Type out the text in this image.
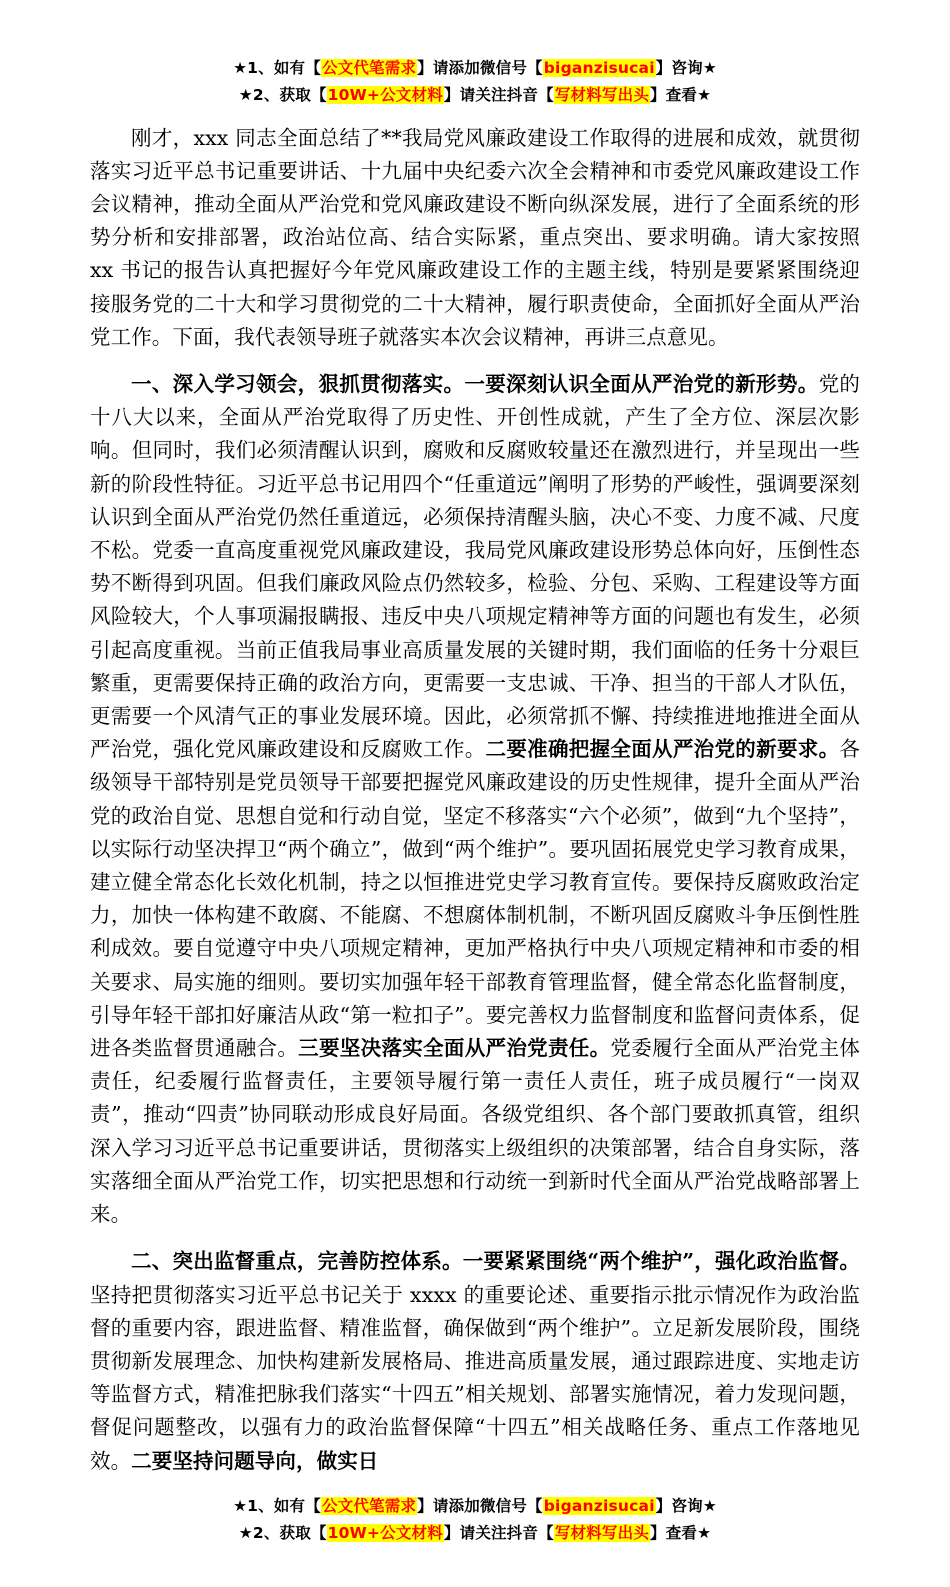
★1、如有【公文代笔需求】请添加微信号【biganzisucai】咨询★
★2、获取【10W+公文材料】请关注抖音【写材料写出头】查看★

刚才，xxx 同志全面总结了**我局党风廉政建设工作取得的进展和成效，就贯彻落实习近平总书记重要讲话、十九届中央纪委六次全会精神和市委党风廉政建设工作会议精神，推动全面从严治党和党风廉政建设不断向纵深发展，进行了全面系统的形势分析和安排部署，政治站位高、结合实际紧，重点突出、要求明确。请大家按照 xx 书记的报告认真把握好今年党风廉政建设工作的主题主线，特别是要紧紧围绕迎接服务党的二十大和学习贯彻党的二十大精神，履行职责使命，全面抓好全面从严治党工作。下面，我代表领导班子就落实本次会议精神，再讲三点意见。

一、深入学习领会，狠抓贯彻落实。一要深刻认识全面从严治党的新形势。党的十八大以来，全面从严治党取得了历史性、开创性成就，产生了全方位、深层次影响。但同时，我们必须清醒认识到，腐败和反腐败较量还在激烈进行，并呈现出一些新的阶段性特征。习近平总书记用四个“任重道远”阐明了形势的严峻性，强调要深刻认识到全面从严治党仍然任重道远，必须保持清醒头脑，决心不变、力度不减、尺度不松。党委一直高度重视党风廉政建设，我局党风廉政建设形势总体向好，压倒性态势不断得到巩固。但我们廉政风险点仍然较多，检验、分包、采购、工程建设等方面风险较大，个人事项漏报瞒报、违反中央八项规定精神等方面的问题也有发生，必须引起高度重视。当前正值我局事业高质量发展的关键时期，我们面临的任务十分艰巨繁重，更需要保持正确的政治方向，更需要一支忠诚、干净、担当的干部人才队伍，更需要一个风清气正的事业发展环境。因此，必须常抓不懈、持续推进地推进全面从严治党，强化党风廉政建设和反腐败工作。二要准确把握全面从严治党的新要求。各级领导干部特别是党员领导干部要把握党风廉政建设的历史性规律，提升全面从严治党的政治自觉、思想自觉和行动自觉，坚定不移落实“六个必须”，做到“九个坚持”，以实际行动坚决捍卫“两个确立”，做到“两个维护”。要巩固拓展党史学习教育成果，建立健全常态化长效化机制，持之以恒推进党史学习教育宣传。要保持反腐败政治定力，加快一体构建不敢腐、不能腐、不想腐体制机制，不断巩固反腐败斗争压倒性胜利成效。要自觉遵守中央八项规定精神，更加严格执行中央八项规定精神和市委的相关要求、局实施的细则。要切实加强年轻干部教育管理监督，健全常态化监督制度，引导年轻干部扣好廉洁从政“第一粒扣子”。要完善权力监督制度和监督问责体系，促进各类监督贯通融合。三要坚决落实全面从严治党责任。党委履行全面从严治党主体责任，纪委履行监督责任，主要领导履行第一责任人责任，班子成员履行“一岗双责”，推动“四责”协同联动形成良好局面。各级党组织、各个部门要敢抓真管，组织深入学习习近平总书记重要讲话，贯彻落实上级组织的决策部署，结合自身实际，落实落细全面从严治党工作，切实把思想和行动统一到新时代全面从严治党战略部署上来。

二、突出监督重点，完善防控体系。一要紧紧围绕“两个维护”，强化政治监督。坚持把贯彻落实习近平总书记关于 xxxx 的重要论述、重要指示批示情况作为政治监督的重要内容，跟进监督、精准监督，确保做到“两个维护”。立足新发展阶段，围绕贯彻新发展理念、加快构建新发展格局、推进高质量发展，通过跟踪进度、实地走访等监督方式，精准把脉我们落实“十四五”相关规划、部署实施情况，着力发现问题，督促问题整改，以强有力的政治监督保障“十四五”相关战略任务、重点工作落地见效。二要坚持问题导向，做实日

★1、如有【公文代笔需求】请添加微信号【biganzisucai】咨询★
★2、获取【10W+公文材料】请关注抖音【写材料写出头】查看★
